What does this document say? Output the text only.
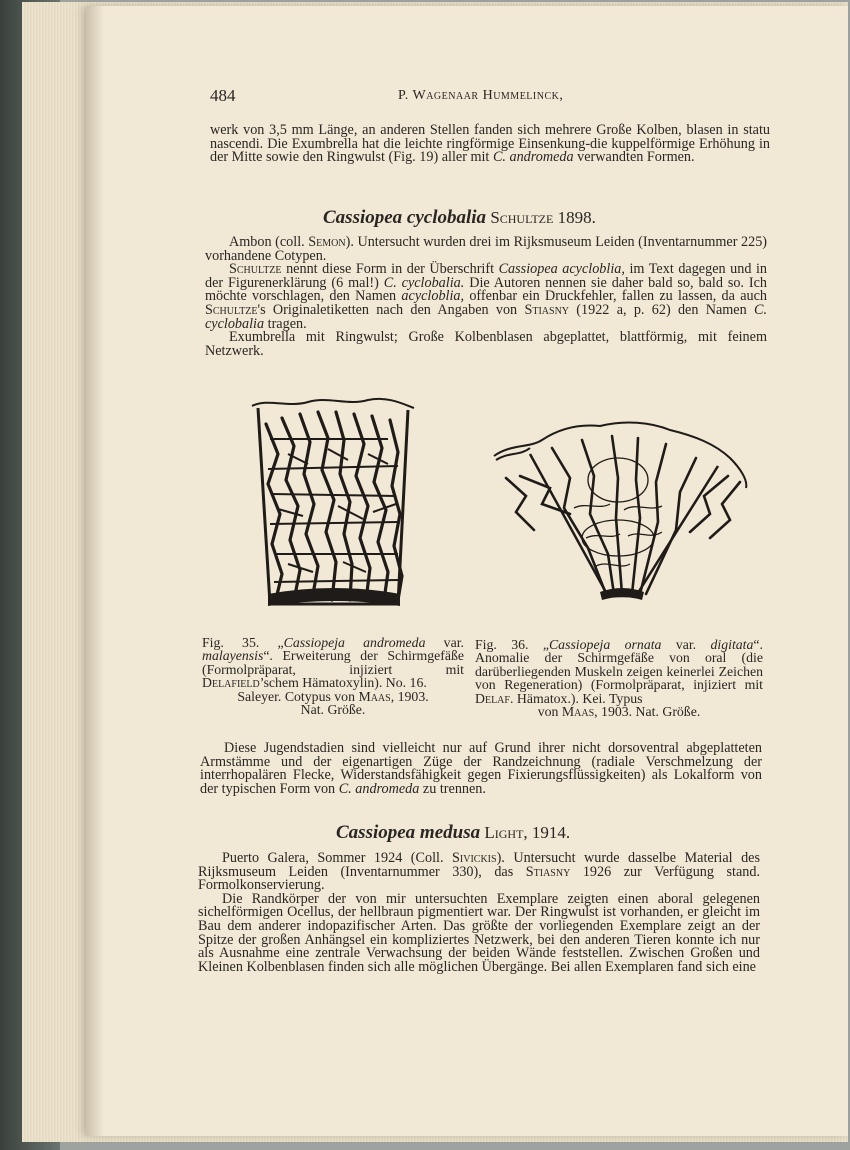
484	P. Wagenaar Hummelinck,

werk von 3,5 mm Länge, an anderen Stellen fanden sich mehrere Große Kolben, blasen in statu nascendi. Die Exumbrella hat die leichte ringförmige Einsenkung-die kuppelförmige Erhöhung in der Mitte sowie den Ringwulst (Fig. 19) aller mit C. andromeda verwandten Formen.

Cassiopea cyclobalia Schultze 1898.

Ambon (coll. Semon). Untersucht wurden drei im Rijksmuseum Leiden (Inventarnummer 225) vorhandene Cotypen.

Schultze nennt diese Form in der Überschrift Cassiopea acycloblia, im Text dagegen und in der Figurenerklärung (6 mal!) C. cyclobalia. Die Autoren nennen sie daher bald so, bald so. Ich möchte vorschlagen, den Namen acycloblia, offenbar ein Druckfehler, fallen zu lassen, da auch Schultze's Originaletiketten nach den Angaben von Stiasny (1922 a, p. 62) den Namen C. cyclobalia tragen.

Exumbrella mit Ringwulst; Große Kolbenblasen abgeplattet, blattförmig, mit feinem Netzwerk.

Fig. 35. „Cassiopeja andromeda var. malayensis“. Erweiterung der Schirmgefäße (Formolpräparat, injiziert mit Delafield’schem Hämatoxylin). No. 16.
Saleyer. Cotypus von Maas, 1903.
Nat. Größe.
Fig. 36. „Cassiopeja ornata var. digitata“. Anomalie der Schirmgefäße von oral (die darüberliegenden Muskeln zeigen keinerlei Zeichen von Regeneration) (Formolpräparat, injiziert mit Delaf. Hämatox.). Kei. Typus
von Maas, 1903. Nat. Größe.

Diese Jugendstadien sind vielleicht nur auf Grund ihrer nicht dorsoventral abgeplatteten Armstämme und der eigenartigen Züge der Randzeichnung (radiale Verschmelzung der interrhopalären Flecke, Widerstandsfähigkeit gegen Fixierungsflüssigkeiten) als Lokalform von der typischen Form von C. andromeda zu trennen.

Cassiopea medusa Light, 1914.

Puerto Galera, Sommer 1924 (Coll. Sivickis). Untersucht wurde dasselbe Material des Rijksmuseum Leiden (Inventarnummer 330), das Stiasny 1926 zur Verfügung stand. Formolkonservierung.

Die Randkörper der von mir untersuchten Exemplare zeigten einen aboral gelegenen sichelförmigen Ocellus, der hellbraun pigmentiert war. Der Ringwulst ist vorhanden, er gleicht im Bau dem anderer indopazifischer Arten. Das größte der vorliegenden Exemplare zeigt an der Spitze der großen Anhängsel ein kompliziertes Netzwerk, bei den anderen Tieren konnte ich nur als Ausnahme eine zentrale Verwachsung der beiden Wände feststellen. Zwischen Großen und Kleinen Kolbenblasen finden sich alle möglichen Übergänge. Bei allen Exemplaren fand sich eine
